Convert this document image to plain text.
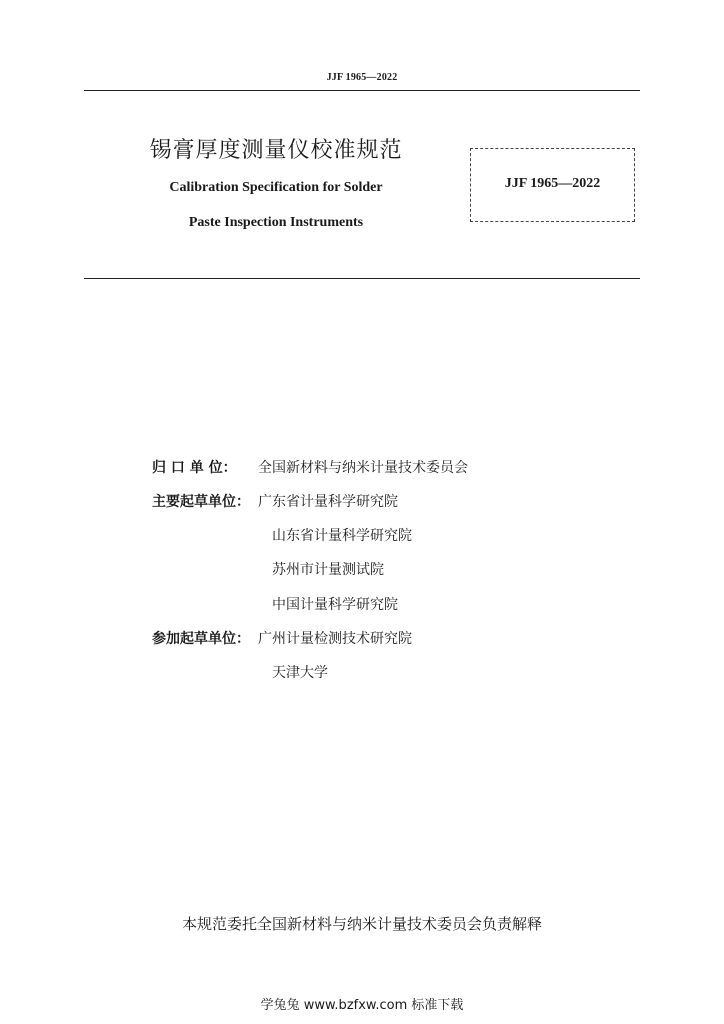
JJF 1965—2022
锡膏厚度测量仪校准规范
Calibration Specification for Solder
Paste Inspection Instruments
JJF 1965—2022
归 口 单 位：	全国新材料与纳米计量技术委员会
主要起草单位： 广东省计量科学研究院
山东省计量科学研究院
苏州市计量测试院
中国计量科学研究院
参加起草单位： 广州计量检测技术研究院
天津大学
本规范委托全国新材料与纳米计量技术委员会负责解释
学兔兔 www.bzfxw.com 标准下载
